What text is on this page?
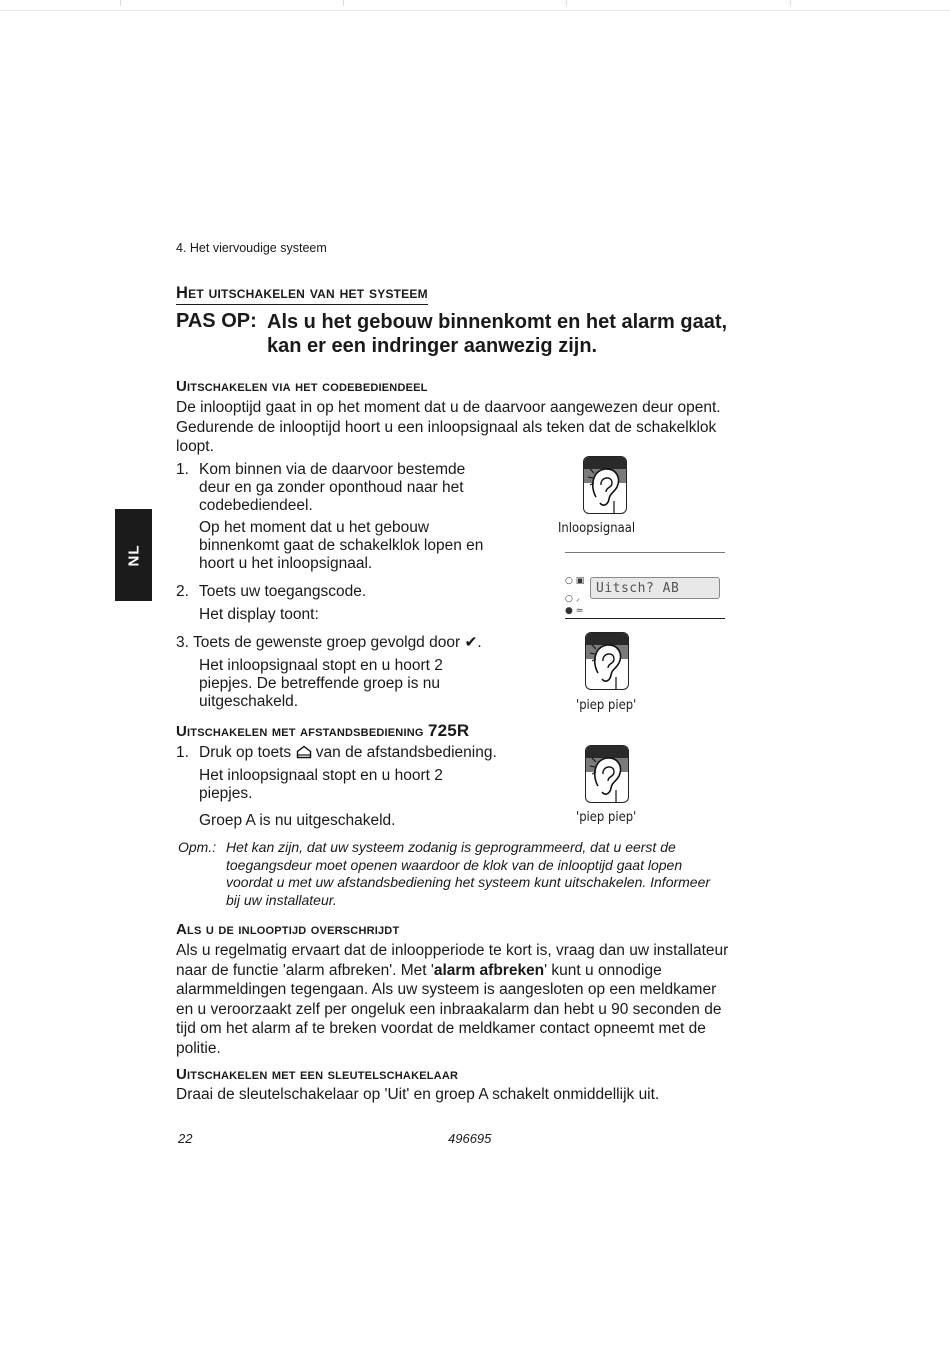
4. Het viervoudige systeem
Het uitschakelen van het systeem
PAS OP: Als u het gebouw binnenkomt en het alarm gaat, kan er een indringer aanwezig zijn.
NL
Uitschakelen via het codebediendeel
De inlooptijd gaat in op het moment dat u de daarvoor aangewezen deur opent. Gedurende de inlooptijd hoort u een inloopsignaal als teken dat de schakelklok loopt.
1. Kom binnen via de daarvoor bestemde deur en ga zonder oponthoud naar het codebediendeel.
Op het moment dat u het gebouw binnenkomt gaat de schakelklok lopen en hoort u het inloopsignaal.
2. Toets uw toegangscode.
Het display toont:
3. Toets de gewenste groep gevolgd door ✔.
Het inloopsignaal stopt en u hoort 2 piepjes. De betreffende groep is nu uitgeschakeld.
Inloopsignaal
○ ▣
○ ⸝
● ≃
Uitsch? AB
'piep piep'
Uitschakelen met afstandsbediening 725R
1. Druk op toets  van de afstandsbediening.
Het inloopsignaal stopt en u hoort 2 piepjes.
Groep A is nu uitgeschakeld.	'piep piep'
Opm.: Het kan zijn, dat uw systeem zodanig is geprogrammeerd, dat u eerst de toegangsdeur moet openen waardoor de klok van de inlooptijd gaat lopen voordat u met uw afstandsbediening het systeem kunt uitschakelen. Informeer bij uw installateur.
Als u de inlooptijd overschrijdt
Als u regelmatig ervaart dat de inloopperiode te kort is, vraag dan uw installateur naar de functie 'alarm afbreken'. Met 'alarm afbreken' kunt u onnodige alarmmeldingen tegengaan. Als uw systeem is aangesloten op een meldkamer en u veroorzaakt zelf per ongeluk een inbraakalarm dan hebt u 90 seconden de tijd om het alarm af te breken voordat de meldkamer contact opneemt met de politie.
Uitschakelen met een sleutelschakelaar
Draai de sleutelschakelaar op 'Uit' en groep A schakelt onmiddellijk uit.
22	496695
